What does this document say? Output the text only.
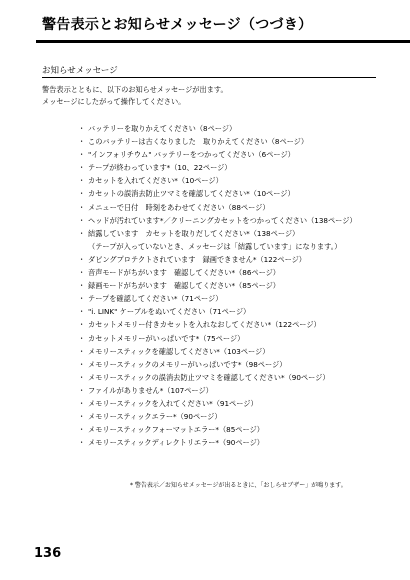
警告表示とお知らせメッセージ（つづき）
お知らせメッセージ
警告表示とともに、以下のお知らせメッセージが出ます。
メッセージにしたがって操作してください。
・ バッテリーを取りかえてください（8ページ）
・ このバッテリーは古くなりました　取りかえてください（8ページ）
・ "インフォリチウム" バッテリーをつかってください（6ページ）
・ テープが終わっています*（10、22ページ）
・ カセットを入れてください*（10ページ）
・ カセットの誤消去防止ツマミを確認してください*（10ページ）
・ メニューで日付　時刻をあわせてください（88ページ）
・ ヘッドが汚れています*／クリーニングカセットをつかってください（138ページ）
・ 結露しています　カセットを取りだしてください*（138ページ）
（テープが入っていないとき、メッセージは「結露しています」になります。）
・ ダビングプロテクトされています　録画できません*（122ページ）
・ 音声モードがちがいます　確認してください*（86ページ）
・ 録画モードがちがいます　確認してください*（85ページ）
・ テープを確認してください*（71ページ）
・ "i. LINK" ケーブルをぬいてください（71ページ）
・ カセットメモリー付きカセットを入れなおしてください*（122ページ）
・ カセットメモリーがいっぱいです*（75ページ）
・ メモリースティックを確認してください*（103ページ）
・ メモリースティックのメモリーがいっぱいです*（98ページ）
・ メモリースティックの誤消去防止ツマミを確認してください*（90ページ）
・ ファイルがありません*（107ページ）
・ メモリースティックを入れてください*（91ページ）
・ メモリースティックエラー*（90ページ）
・ メモリースティックフォーマットエラー*（85ページ）
・ メモリースティックディレクトリエラー*（90ページ）
* 警告表示／お知らせメッセージが出るときに、「おしらせブザー」が鳴ります。
136
